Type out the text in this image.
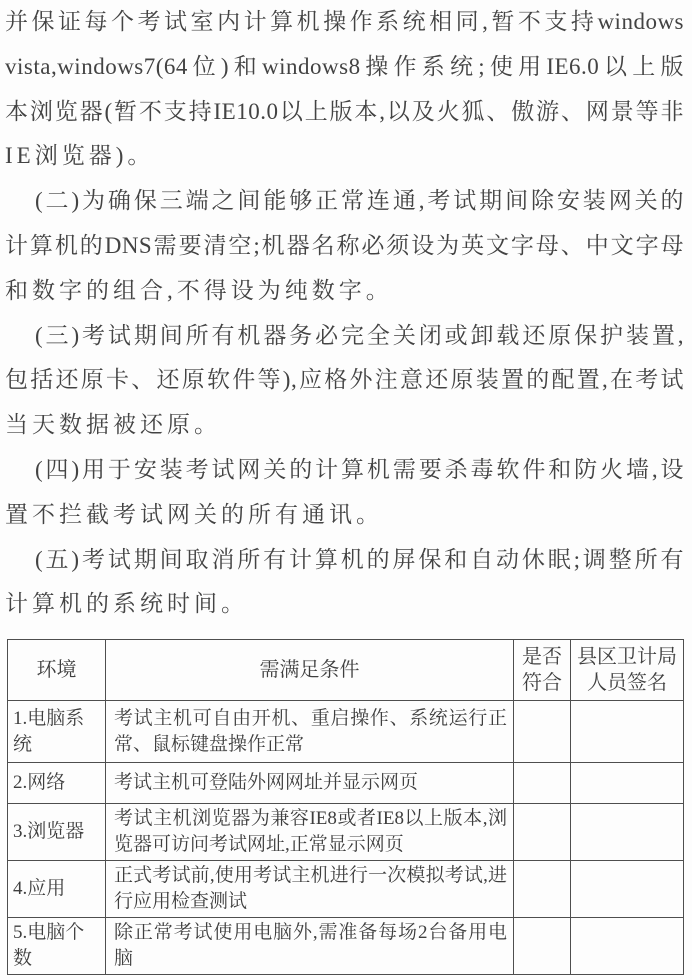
并保证每个考试室内计算机操作系统相同,暂不支持windows
vista,windows7(64位)和windows8操作系统;使用IE6.0以上版
本浏览器(暂不支持IE10.0以上版本,以及火狐、傲游、网景等非
IE浏览器)。
(二)为确保三端之间能够正常连通,考试期间除安装网关的
计算机的DNS需要清空;机器名称必须设为英文字母、中文字母
和数字的组合,不得设为纯数字。
(三)考试期间所有机器务必完全关闭或卸载还原保护装置,
包括还原卡、还原软件等),应格外注意还原装置的配置,在考试
当天数据被还原。
(四)用于安装考试网关的计算机需要杀毒软件和防火墙,设
置不拦截考试网关的所有通讯。
(五)考试期间取消所有计算机的屏保和自动休眠;调整所有
计算机的系统时间。
环境	需满足条件	是否符合	县区卫计局人员签名
1.电脑系统	考试主机可自由开机、重启操作、系统运行正常、鼠标键盘操作正常		
2.网络	考试主机可登陆外网网址并显示网页		
3.浏览器	考试主机浏览器为兼容IE8或者IE8以上版本,浏览器可访问考试网址,正常显示网页		
4.应用	正式考试前,使用考试主机进行一次模拟考试,进行应用检查测试		
5.电脑个数	除正常考试使用电脑外,需准备每场2台备用电脑		
